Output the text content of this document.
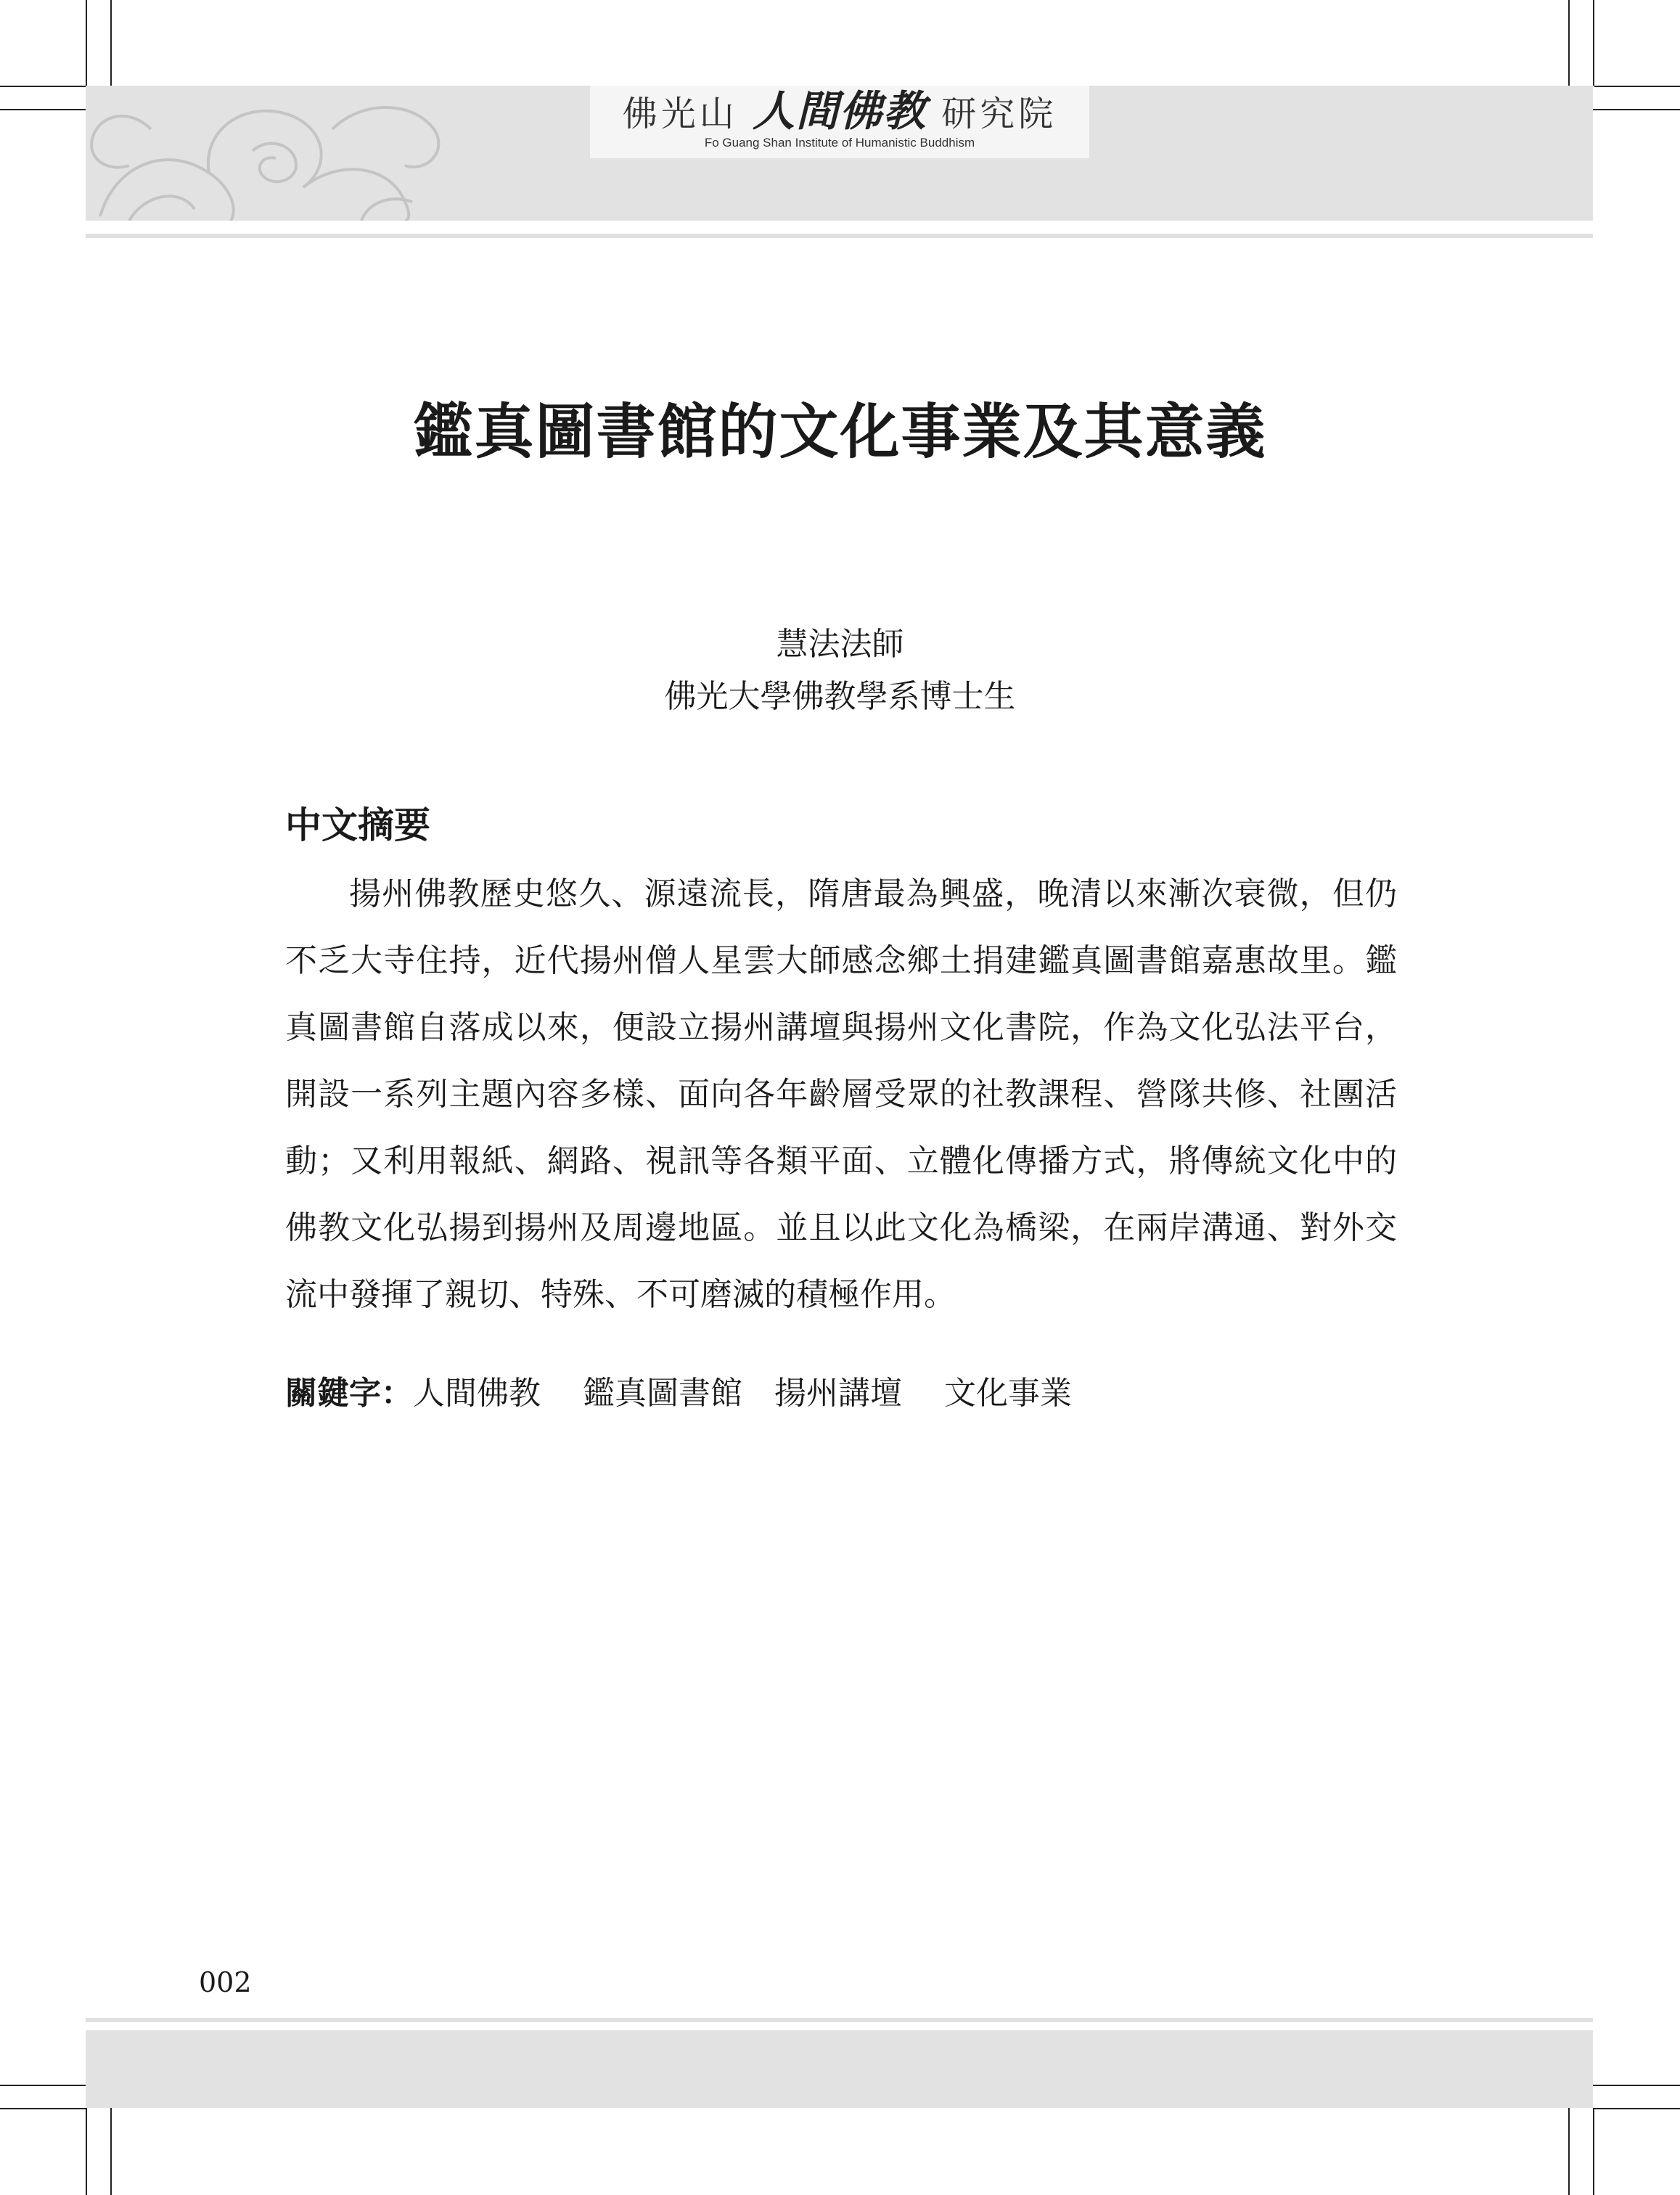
佛光山 人間佛教 研究院
Fo Guang Shan Institute of Humanistic Buddhism
鑑真圖書館的文化事業及其意義
慧法法師
佛光大學佛教學系博士生
中文摘要

揚州佛教歷史悠久、源遠流長，隋唐最為興盛，晚清以來漸次衰微，但仍不乏大寺住持，近代揚州僧人星雲大師感念鄉土捐建鑑真圖書館嘉惠故里。鑑真圖書館自落成以來，便設立揚州講壇與揚州文化書院，作為文化弘法平台，開設一系列主題內容多樣、面向各年齡層受眾的社教課程、營隊共修、社團活動；又利用報紙、網路、視訊等各類平面、立體化傳播方式，將傳統文化中的佛教文化弘揚到揚州及周邊地區。並且以此文化為橋梁，在兩岸溝通、對外交流中發揮了親切、特殊、不可磨滅的積極作用。

關鍵字：人間佛教　 鑑真圖書館　揚州講壇　 文化事業
002
